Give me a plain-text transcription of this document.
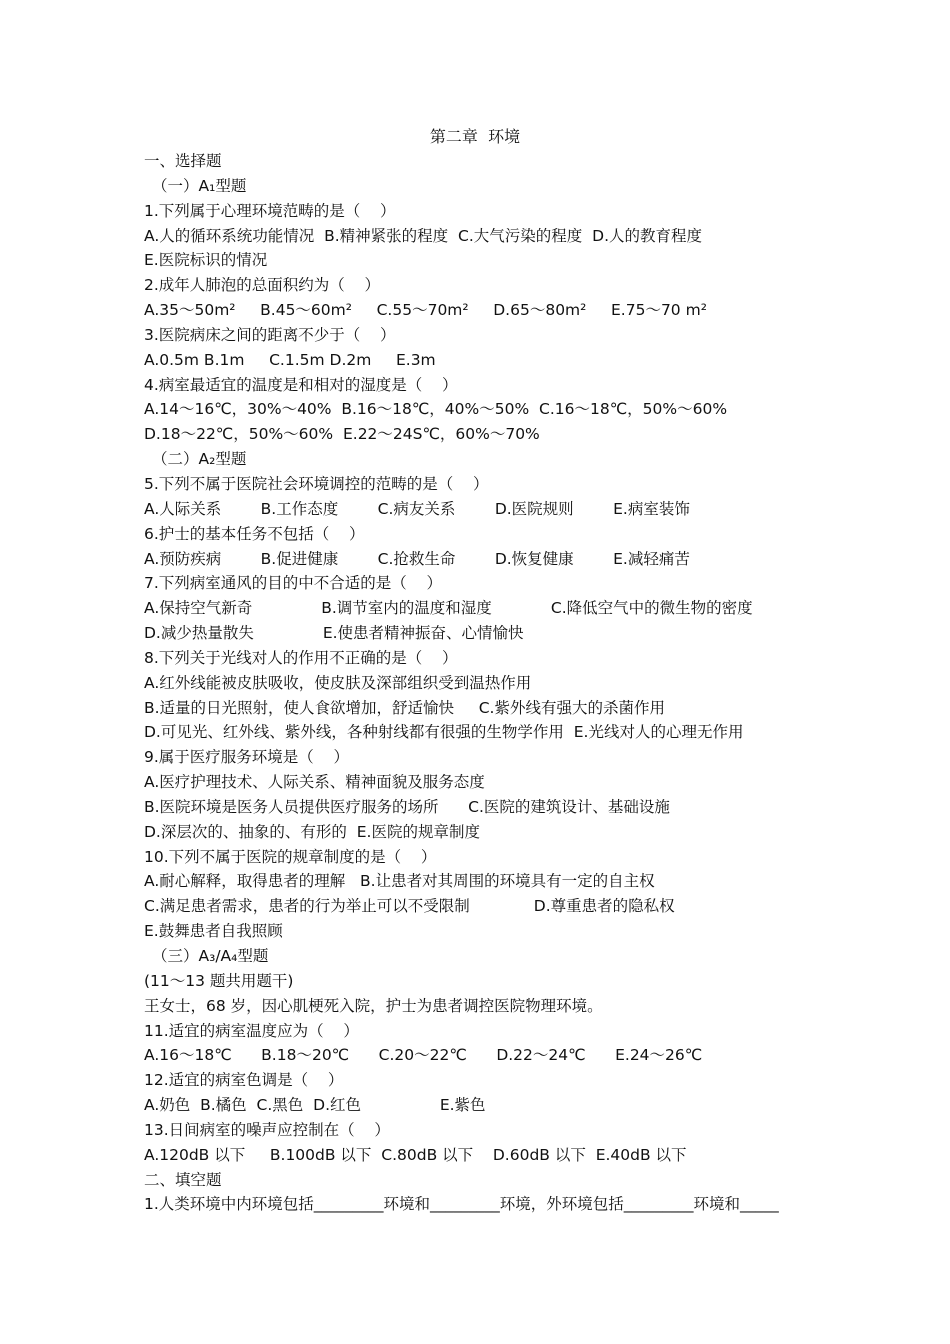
第二章  环境
一、选择题
（一）A₁型题
1.下列属于心理环境范畴的是（    ）
A.人的循环系统功能情况  B.精神紧张的程度  C.大气污染的程度  D.人的教育程度
E.医院标识的情况
2.成年人肺泡的总面积约为（    ）
A.35～50m²     B.45～60m²     C.55～70m²     D.65～80m²     E.75～70 m²
3.医院病床之间的距离不少于（    ）
A.0.5m B.1m     C.1.5m D.2m     E.3m
4.病室最适宜的温度是和相对的湿度是（    ）
A.14～16℃，30%～40%  B.16～18℃，40%～50%  C.16～18℃，50%～60%
D.18～22℃，50%～60%  E.22～24S℃，60%～70%
（二）A₂型题
5.下列不属于医院社会环境调控的范畴的是（    ）
A.人际关系        B.工作态度        C.病友关系        D.医院规则        E.病室装饰
6.护士的基本任务不包括（    ）
A.预防疾病        B.促进健康        C.抢救生命        D.恢复健康        E.减轻痛苦
7.下列病室通风的目的中不合适的是（    ）
A.保持空气新奇              B.调节室内的温度和湿度            C.降低空气中的微生物的密度
D.减少热量散失              E.使患者精神振奋、心情愉快
8.下列关于光线对人的作用不正确的是（    ）
A.红外线能被皮肤吸收，使皮肤及深部组织受到温热作用
B.适量的日光照射，使人食欲增加，舒适愉快     C.紫外线有强大的杀菌作用
D.可见光、红外线、紫外线，各种射线都有很强的生物学作用  E.光线对人的心理无作用
9.属于医疗服务环境是（    ）
A.医疗护理技术、人际关系、精神面貌及服务态度
B.医院环境是医务人员提供医疗服务的场所      C.医院的建筑设计、基础设施
D.深层次的、抽象的、有形的  E.医院的规章制度
10.下列不属于医院的规章制度的是（    ）
A.耐心解释，取得患者的理解   B.让患者对其周围的环境具有一定的自主权
C.满足患者需求，患者的行为举止可以不受限制             D.尊重患者的隐私权
E.鼓舞患者自我照顾
（三）A₃/A₄型题
(11～13 题共用题干)
王女士，68 岁，因心肌梗死入院，护士为患者调控医院物理环境。
11.适宜的病室温度应为（    ）
A.16～18℃      B.18～20℃      C.20～22℃      D.22～24℃      E.24～26℃
12.适宜的病室色调是（    ）
A.奶色  B.橘色  C.黑色  D.红色                E.紫色
13.日间病室的噪声应控制在（    ）
A.120dB 以下     B.100dB 以下  C.80dB 以下    D.60dB 以下  E.40dB 以下
二、填空题
1.人类环境中内环境包括_________环境和_________环境，外环境包括_________环境和_____
